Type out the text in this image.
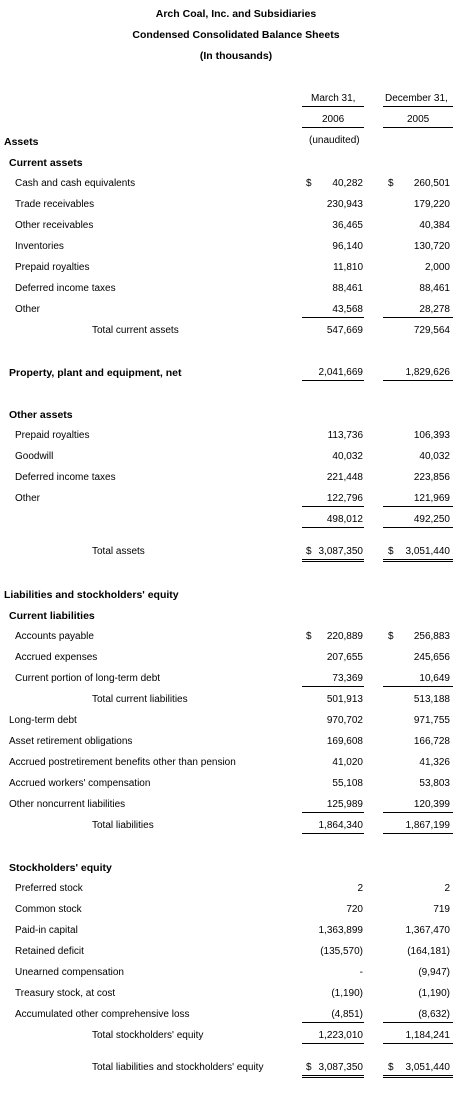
Arch Coal, Inc. and Subsidiaries
Condensed Consolidated Balance Sheets
(In thousands)
March 31,
2006
(unaudited)
December 31,
2005
Assets
Current assets
Cash and cash equivalents	$ 40,282	$ 260,501
Trade receivables	230,943	179,220
Other receivables	36,465	40,384
Inventories	96,140	130,720
Prepaid royalties	11,810	2,000
Deferred income taxes	88,461	88,461
Other	43,568	28,278
Total current assets	547,669	729,564
Property, plant and equipment, net	2,041,669	1,829,626
Other assets
Prepaid royalties	113,736	106,393
Goodwill	40,032	40,032
Deferred income taxes	221,448	223,856
Other	122,796	121,969
498,012	492,250
Total assets	$ 3,087,350	$ 3,051,440
Liabilities and stockholders' equity
Current liabilities
Accounts payable	$ 220,889	$ 256,883
Accrued expenses	207,655	245,656
Current portion of long-term debt	73,369	10,649
Total current liabilities	501,913	513,188
Long-term debt	970,702	971,755
Asset retirement obligations	169,608	166,728
Accrued postretirement benefits other than pension	41,020	41,326
Accrued workers' compensation	55,108	53,803
Other noncurrent liabilities	125,989	120,399
Total liabilities	1,864,340	1,867,199
Stockholders' equity
Preferred stock	2	2
Common stock	720	719
Paid-in capital	1,363,899	1,367,470
Retained deficit	(135,570)	(164,181)
Unearned compensation	-	(9,947)
Treasury stock, at cost	(1,190)	(1,190)
Accumulated other comprehensive loss	(4,851)	(8,632)
Total stockholders' equity	1,223,010	1,184,241
Total liabilities and stockholders' equity	$ 3,087,350	$ 3,051,440
